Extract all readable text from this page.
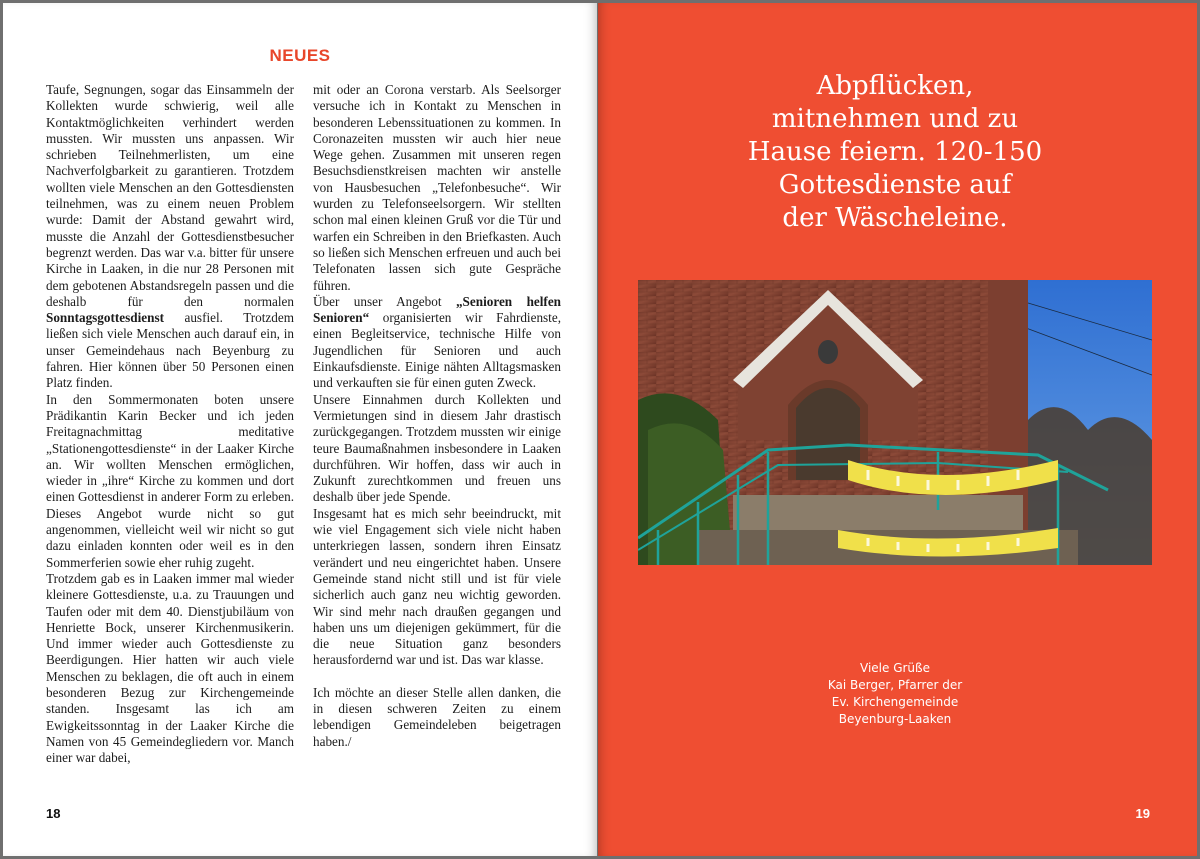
NEUES

Taufe, Segnungen, sogar das Einsammeln der Kollekten wurde schwierig, weil alle Kontaktmöglichkeiten verhindert werden mussten. Wir mussten uns anpassen. Wir schrieben Teilnehmerlisten, um eine Nachverfolgbarkeit zu garantieren. Trotzdem wollten viele Menschen an den Gottesdiensten teilnehmen, was zu einem neuen Problem wurde: Damit der Abstand gewahrt wird, musste die Anzahl der Gottesdienstbesucher begrenzt werden. Das war v.a. bitter für unsere Kirche in Laaken, in die nur 28 Personen mit dem gebotenen Abstandsregeln passen und die deshalb für den normalen Sonntagsgottesdienst ausfiel. Trotzdem ließen sich viele Menschen auch darauf ein, in unser Gemeindehaus nach Beyenburg zu fahren. Hier können über 50 Personen einen Platz finden.

In den Sommermonaten boten unsere Prädikantin Karin Becker und ich jeden Freitagnachmittag meditative „Stationengottesdienste“ in der Laaker Kirche an. Wir wollten Menschen ermöglichen, wieder in „ihre“ Kirche zu kommen und dort einen Gottesdienst in anderer Form zu erleben. Dieses Angebot wurde nicht so gut angenommen, vielleicht weil wir nicht so gut dazu einladen konnten oder weil es in den Sommerferien sowie eher ruhig zugeht.

Trotzdem gab es in Laaken immer mal wieder kleinere Gottesdienste, u.a. zu Trauungen und Taufen oder mit dem 40. Dienstjubiläum von Henriette Bock, unserer Kirchenmusikerin. Und immer wieder auch Gottesdienste zu Beerdigungen. Hier hatten wir auch viele Menschen zu beklagen, die oft auch in einem besonderen Bezug zur Kirchengemeinde standen. Insgesamt las ich am Ewigkeitssonntag in der Laaker Kirche die Namen von 45 Gemeindegliedern vor. Manch einer war dabei,

mit oder an Corona verstarb. Als Seelsorger versuche ich in Kontakt zu Menschen in besonderen Lebenssituationen zu kommen. In Coronazeiten mussten wir auch hier neue Wege gehen. Zusammen mit unseren regen Besuchsdienstkreisen machten wir anstelle von Hausbesuchen „Telefonbesuche“. Wir wurden zu Telefonseelsorgern. Wir stellten schon mal einen kleinen Gruß vor die Tür und warfen ein Schreiben in den Briefkasten. Auch so ließen sich Menschen erfreuen und auch bei Telefonaten lassen sich gute Gespräche führen.

Über unser Angebot „Senioren helfen Senioren“ organisierten wir Fahrdienste, einen Begleitservice, technische Hilfe von Jugendlichen für Senioren und auch Einkaufsdienste. Einige nähten Alltagsmasken und verkauften sie für einen guten Zweck.

Unsere Einnahmen durch Kollekten und Vermietungen sind in diesem Jahr drastisch zurückgegangen. Trotzdem mussten wir einige teure Baumaßnahmen insbesondere in Laaken durchführen. Wir hoffen, dass wir auch in Zukunft zurechtkommen und freuen uns deshalb über jede Spende.

Insgesamt hat es mich sehr beeindruckt, mit wie viel Engagement sich viele nicht haben unterkriegen lassen, sondern ihren Einsatz verändert und neu eingerichtet haben. Unsere Gemeinde stand nicht still und ist für viele sicherlich auch ganz neu wichtig geworden. Wir sind mehr nach draußen gegangen und haben uns um diejenigen gekümmert, für die die neue Situation ganz besonders herausfordernd war und ist. Das war klasse.

Ich möchte an dieser Stelle allen danken, die in diesen schweren Zeiten zu einem lebendigen Gemeindeleben beigetragen haben./

18	19
Abpflücken,
mitnehmen und zu
Hause feiern. 120-150
Gottesdienste auf
der Wäscheleine.
Viele Grüße
Kai Berger, Pfarrer der
Ev. Kirchengemeinde
Beyenburg-Laaken
